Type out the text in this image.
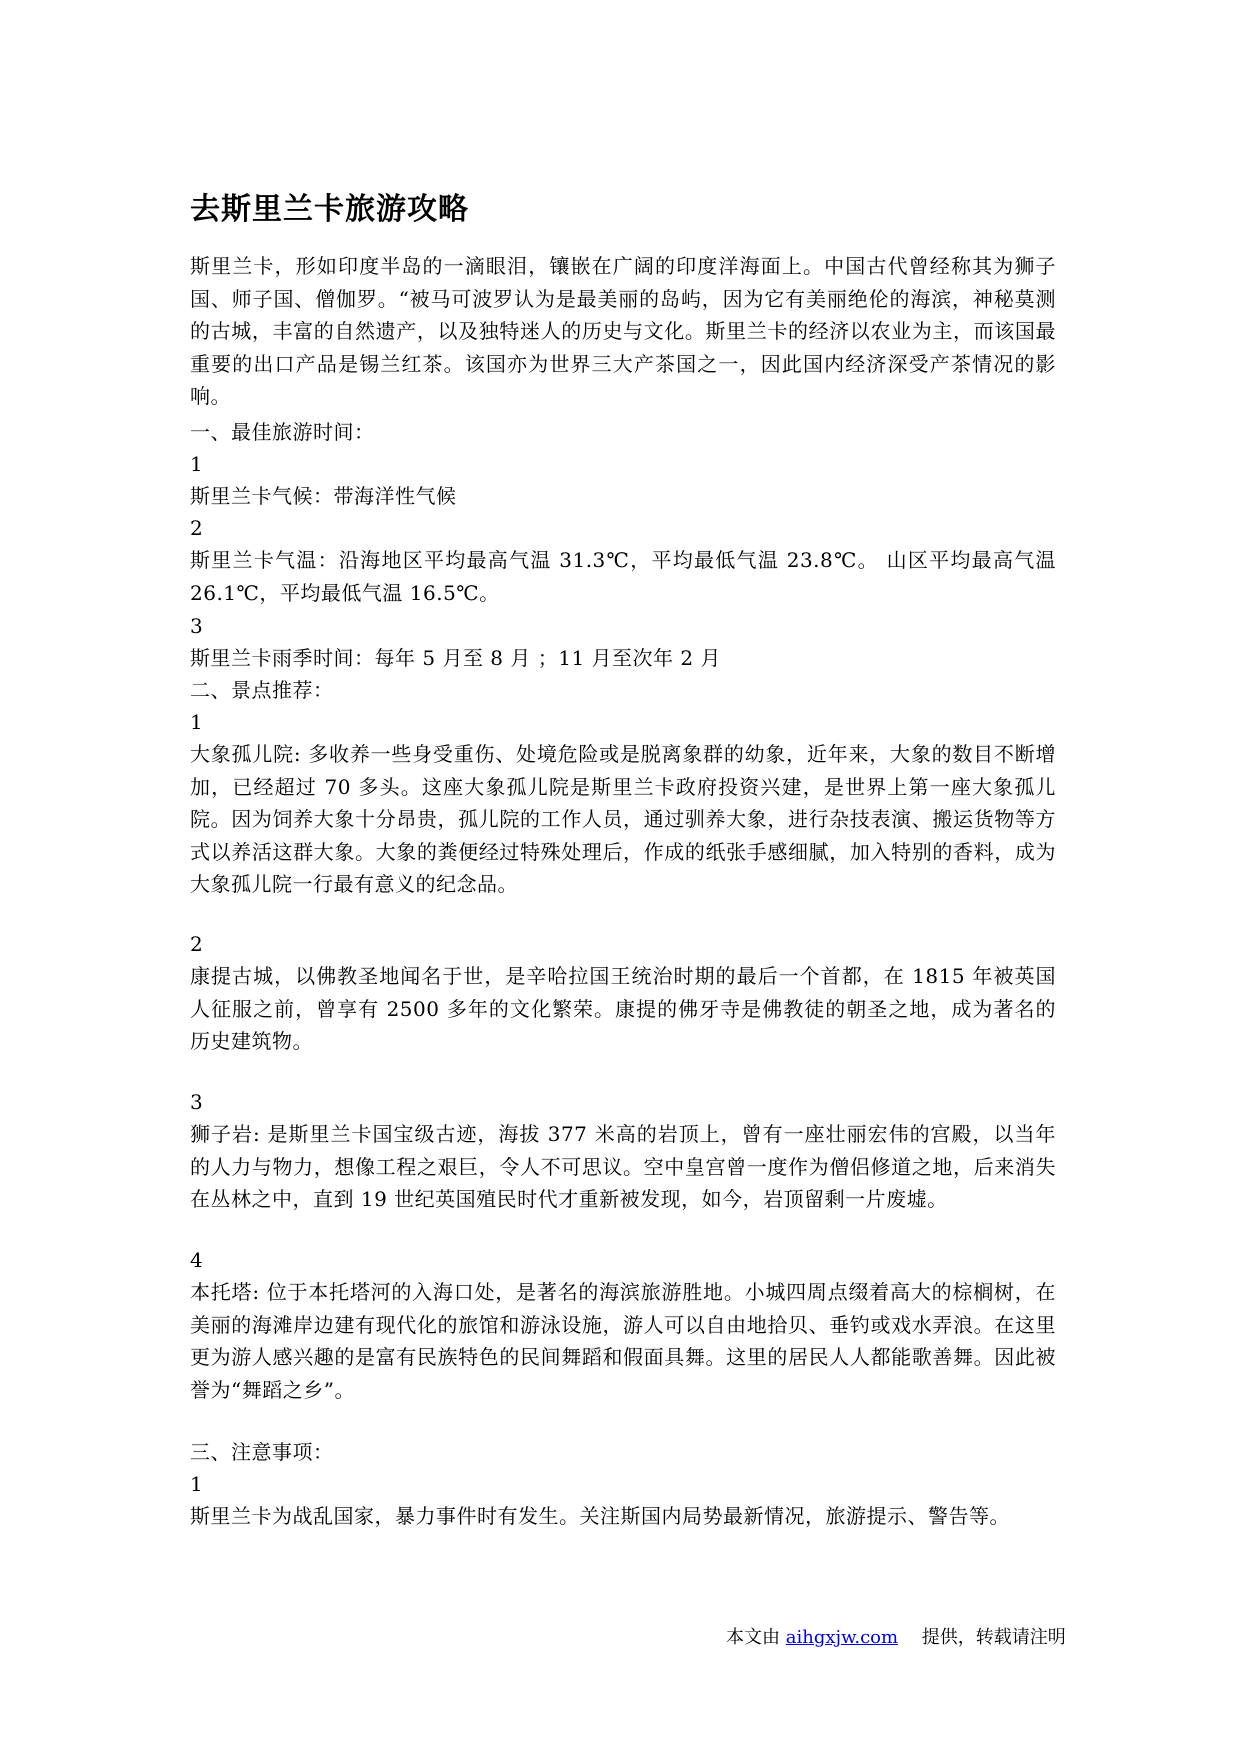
去斯里兰卡旅游攻略

斯里兰卡，形如印度半岛的一滴眼泪，镶嵌在广阔的印度洋海面上。中国古代曾经称其为狮子国、师子国、僧伽罗。“被马可波罗认为是最美丽的岛屿，因为它有美丽绝伦的海滨，神秘莫测的古城，丰富的自然遗产，以及独特迷人的历史与文化。斯里兰卡的经济以农业为主，而该国最重要的出口产品是锡兰红茶。该国亦为世界三大产茶国之一，因此国内经济深受产茶情况的影响。

一、最佳旅游时间：

1

斯里兰卡气候：带海洋性气候

2

斯里兰卡气温：沿海地区平均最高气温 31.3℃，平均最低气温 23.8℃。 山区平均最高气温 26.1℃，平均最低气温 16.5℃。

3

斯里兰卡雨季时间：每年 5 月至 8 月 ；11 月至次年 2 月

二、景点推荐：

1

大象孤儿院: 多收养一些身受重伤、处境危险或是脱离象群的幼象，近年来，大象的数目不断增加，已经超过 70 多头。这座大象孤儿院是斯里兰卡政府投资兴建，是世界上第一座大象孤儿院。因为饲养大象十分昂贵，孤儿院的工作人员，通过驯养大象，进行杂技表演、搬运货物等方式以养活这群大象。大象的粪便经过特殊处理后，作成的纸张手感细腻，加入特别的香料，成为大象孤儿院一行最有意义的纪念品。

2

康提古城，以佛教圣地闻名于世，是辛哈拉国王统治时期的最后一个首都，在 1815 年被英国人征服之前，曾享有 2500 多年的文化繁荣。康提的佛牙寺是佛教徒的朝圣之地，成为著名的历史建筑物。

3

狮子岩: 是斯里兰卡国宝级古迹，海拔 377 米高的岩顶上，曾有一座壮丽宏伟的宫殿，以当年的人力与物力，想像工程之艰巨，令人不可思议。空中皇宫曾一度作为僧侣修道之地，后来消失在丛林之中，直到 19 世纪英国殖民时代才重新被发现，如今，岩顶留剩一片废墟。

4

本托塔: 位于本托塔河的入海口处，是著名的海滨旅游胜地。小城四周点缀着高大的棕榈树，在美丽的海滩岸边建有现代化的旅馆和游泳设施，游人可以自由地拾贝、垂钓或戏水弄浪。在这里更为游人感兴趣的是富有民族特色的民间舞蹈和假面具舞。这里的居民人人都能歌善舞。因此被誉为“舞蹈之乡”。

三、注意事项：

1

斯里兰卡为战乱国家，暴力事件时有发生。关注斯国内局势最新情况，旅游提示、警告等。

本文由 aihgxjw.com 提供，转载请注明
